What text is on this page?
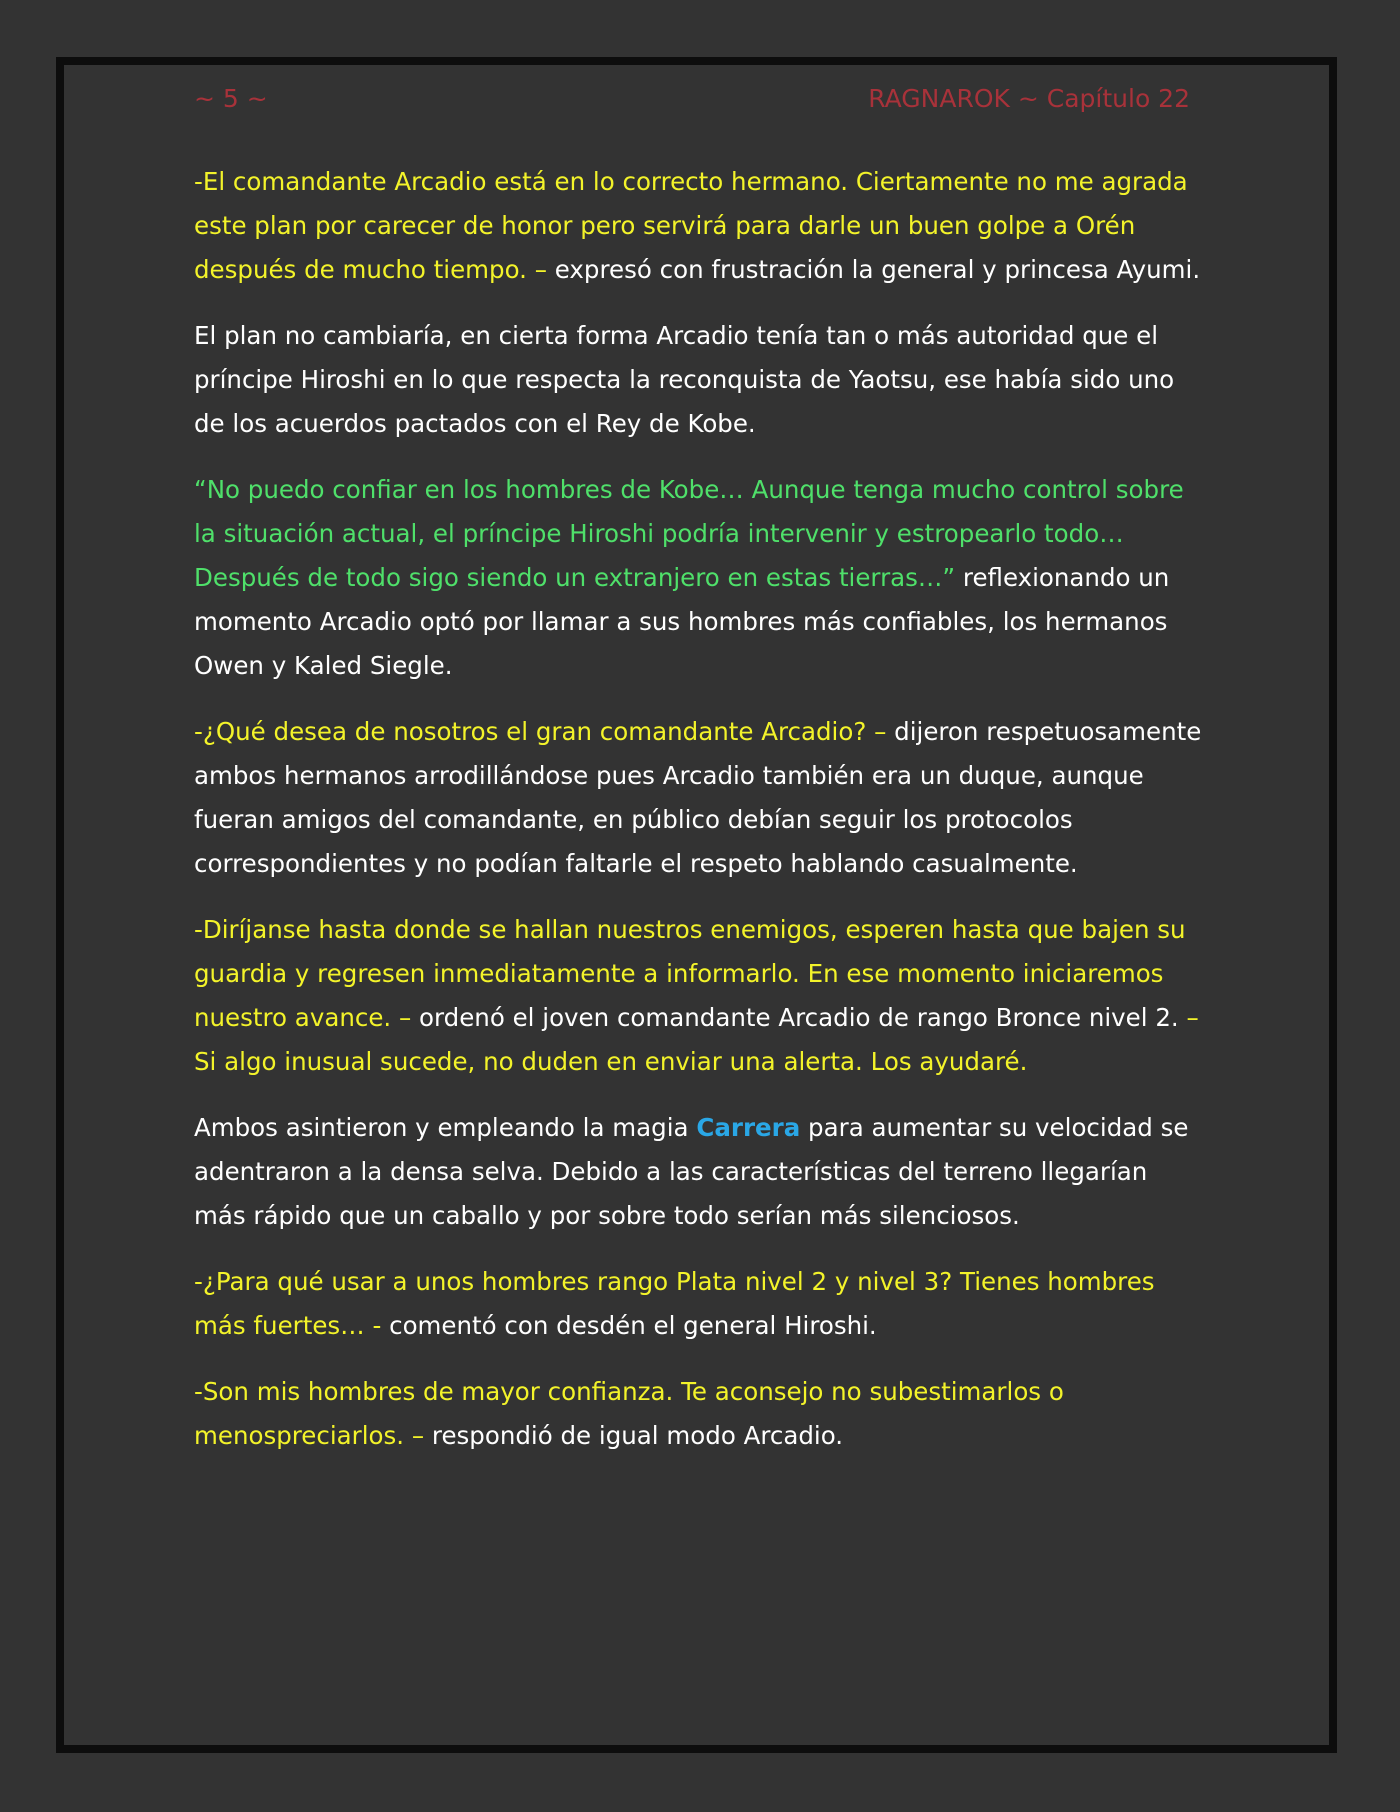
~ 5 ~	RAGNAROK ~ Capítulo 22

-El comandante Arcadio está en lo correcto hermano. Ciertamente no me agrada este plan por carecer de honor pero servirá para darle un buen golpe a Orén después de mucho tiempo. – expresó con frustración la general y princesa Ayumi.

El plan no cambiaría, en cierta forma Arcadio tenía tan o más autoridad que el príncipe Hiroshi en lo que respecta la reconquista de Yaotsu, ese había sido uno de los acuerdos pactados con el Rey de Kobe.

“No puedo confiar en los hombres de Kobe… Aunque tenga mucho control sobre la situación actual, el príncipe Hiroshi podría intervenir y estropearlo todo… Después de todo sigo siendo un extranjero en estas tierras…” reflexionando un momento Arcadio optó por llamar a sus hombres más confiables, los hermanos Owen y Kaled Siegle.

-¿Qué desea de nosotros el gran comandante Arcadio? – dijeron respetuosamente ambos hermanos arrodillándose pues Arcadio también era un duque, aunque fueran amigos del comandante, en público debían seguir los protocolos correspondientes y no podían faltarle el respeto hablando casualmente.

-Diríjanse hasta donde se hallan nuestros enemigos, esperen hasta que bajen su guardia y regresen inmediatamente a informarlo. En ese momento iniciaremos nuestro avance. – ordenó el joven comandante Arcadio de rango Bronce nivel 2. – Si algo inusual sucede, no duden en enviar una alerta. Los ayudaré.

Ambos asintieron y empleando la magia Carrera para aumentar su velocidad se adentraron a la densa selva. Debido a las características del terreno llegarían más rápido que un caballo y por sobre todo serían más silenciosos.

-¿Para qué usar a unos hombres rango Plata nivel 2 y nivel 3? Tienes hombres más fuertes… - comentó con desdén el general Hiroshi.

-Son mis hombres de mayor confianza. Te aconsejo no subestimarlos o menospreciarlos. – respondió de igual modo Arcadio.
